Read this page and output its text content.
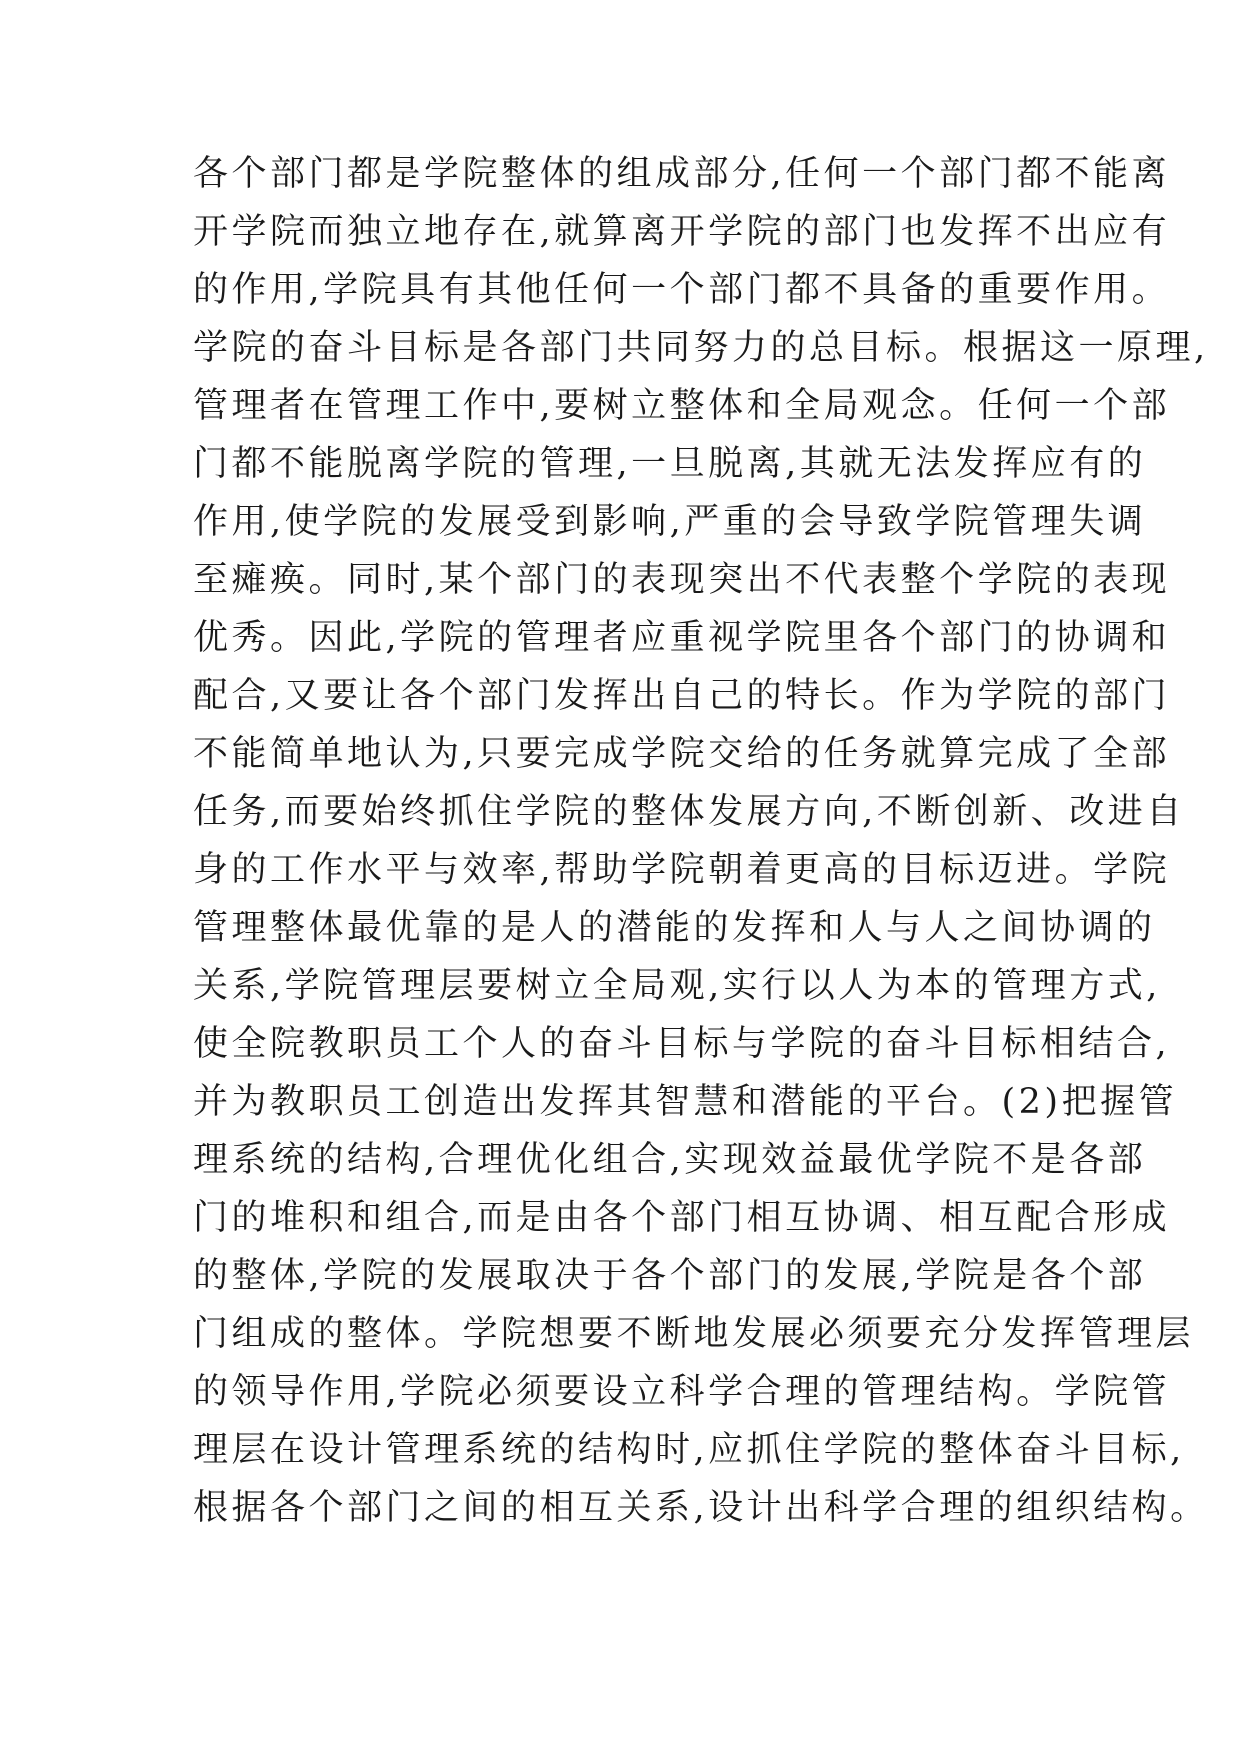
各个部门都是学院整体的组成部分,任何一个部门都不能离
开学院而独立地存在,就算离开学院的部门也发挥不出应有
的作用,学院具有其他任何一个部门都不具备的重要作用。
学院的奋斗目标是各部门共同努力的总目标。根据这一原理,
管理者在管理工作中,要树立整体和全局观念。任何一个部
门都不能脱离学院的管理,一旦脱离,其就无法发挥应有的
作用,使学院的发展受到影响,严重的会导致学院管理失调
至瘫痪。同时,某个部门的表现突出不代表整个学院的表现
优秀。因此,学院的管理者应重视学院里各个部门的协调和
配合,又要让各个部门发挥出自己的特长。作为学院的部门
不能简单地认为,只要完成学院交给的任务就算完成了全部
任务,而要始终抓住学院的整体发展方向,不断创新、改进自
身的工作水平与效率,帮助学院朝着更高的目标迈进。学院
管理整体最优靠的是人的潜能的发挥和人与人之间协调的
关系,学院管理层要树立全局观,实行以人为本的管理方式,
使全院教职员工个人的奋斗目标与学院的奋斗目标相结合,
并为教职员工创造出发挥其智慧和潜能的平台。(2)把握管
理系统的结构,合理优化组合,实现效益最优学院不是各部
门的堆积和组合,而是由各个部门相互协调、相互配合形成
的整体,学院的发展取决于各个部门的发展,学院是各个部
门组成的整体。学院想要不断地发展必须要充分发挥管理层
的领导作用,学院必须要设立科学合理的管理结构。学院管
理层在设计管理系统的结构时,应抓住学院的整体奋斗目标,
根据各个部门之间的相互关系,设计出科学合理的组织结构。
